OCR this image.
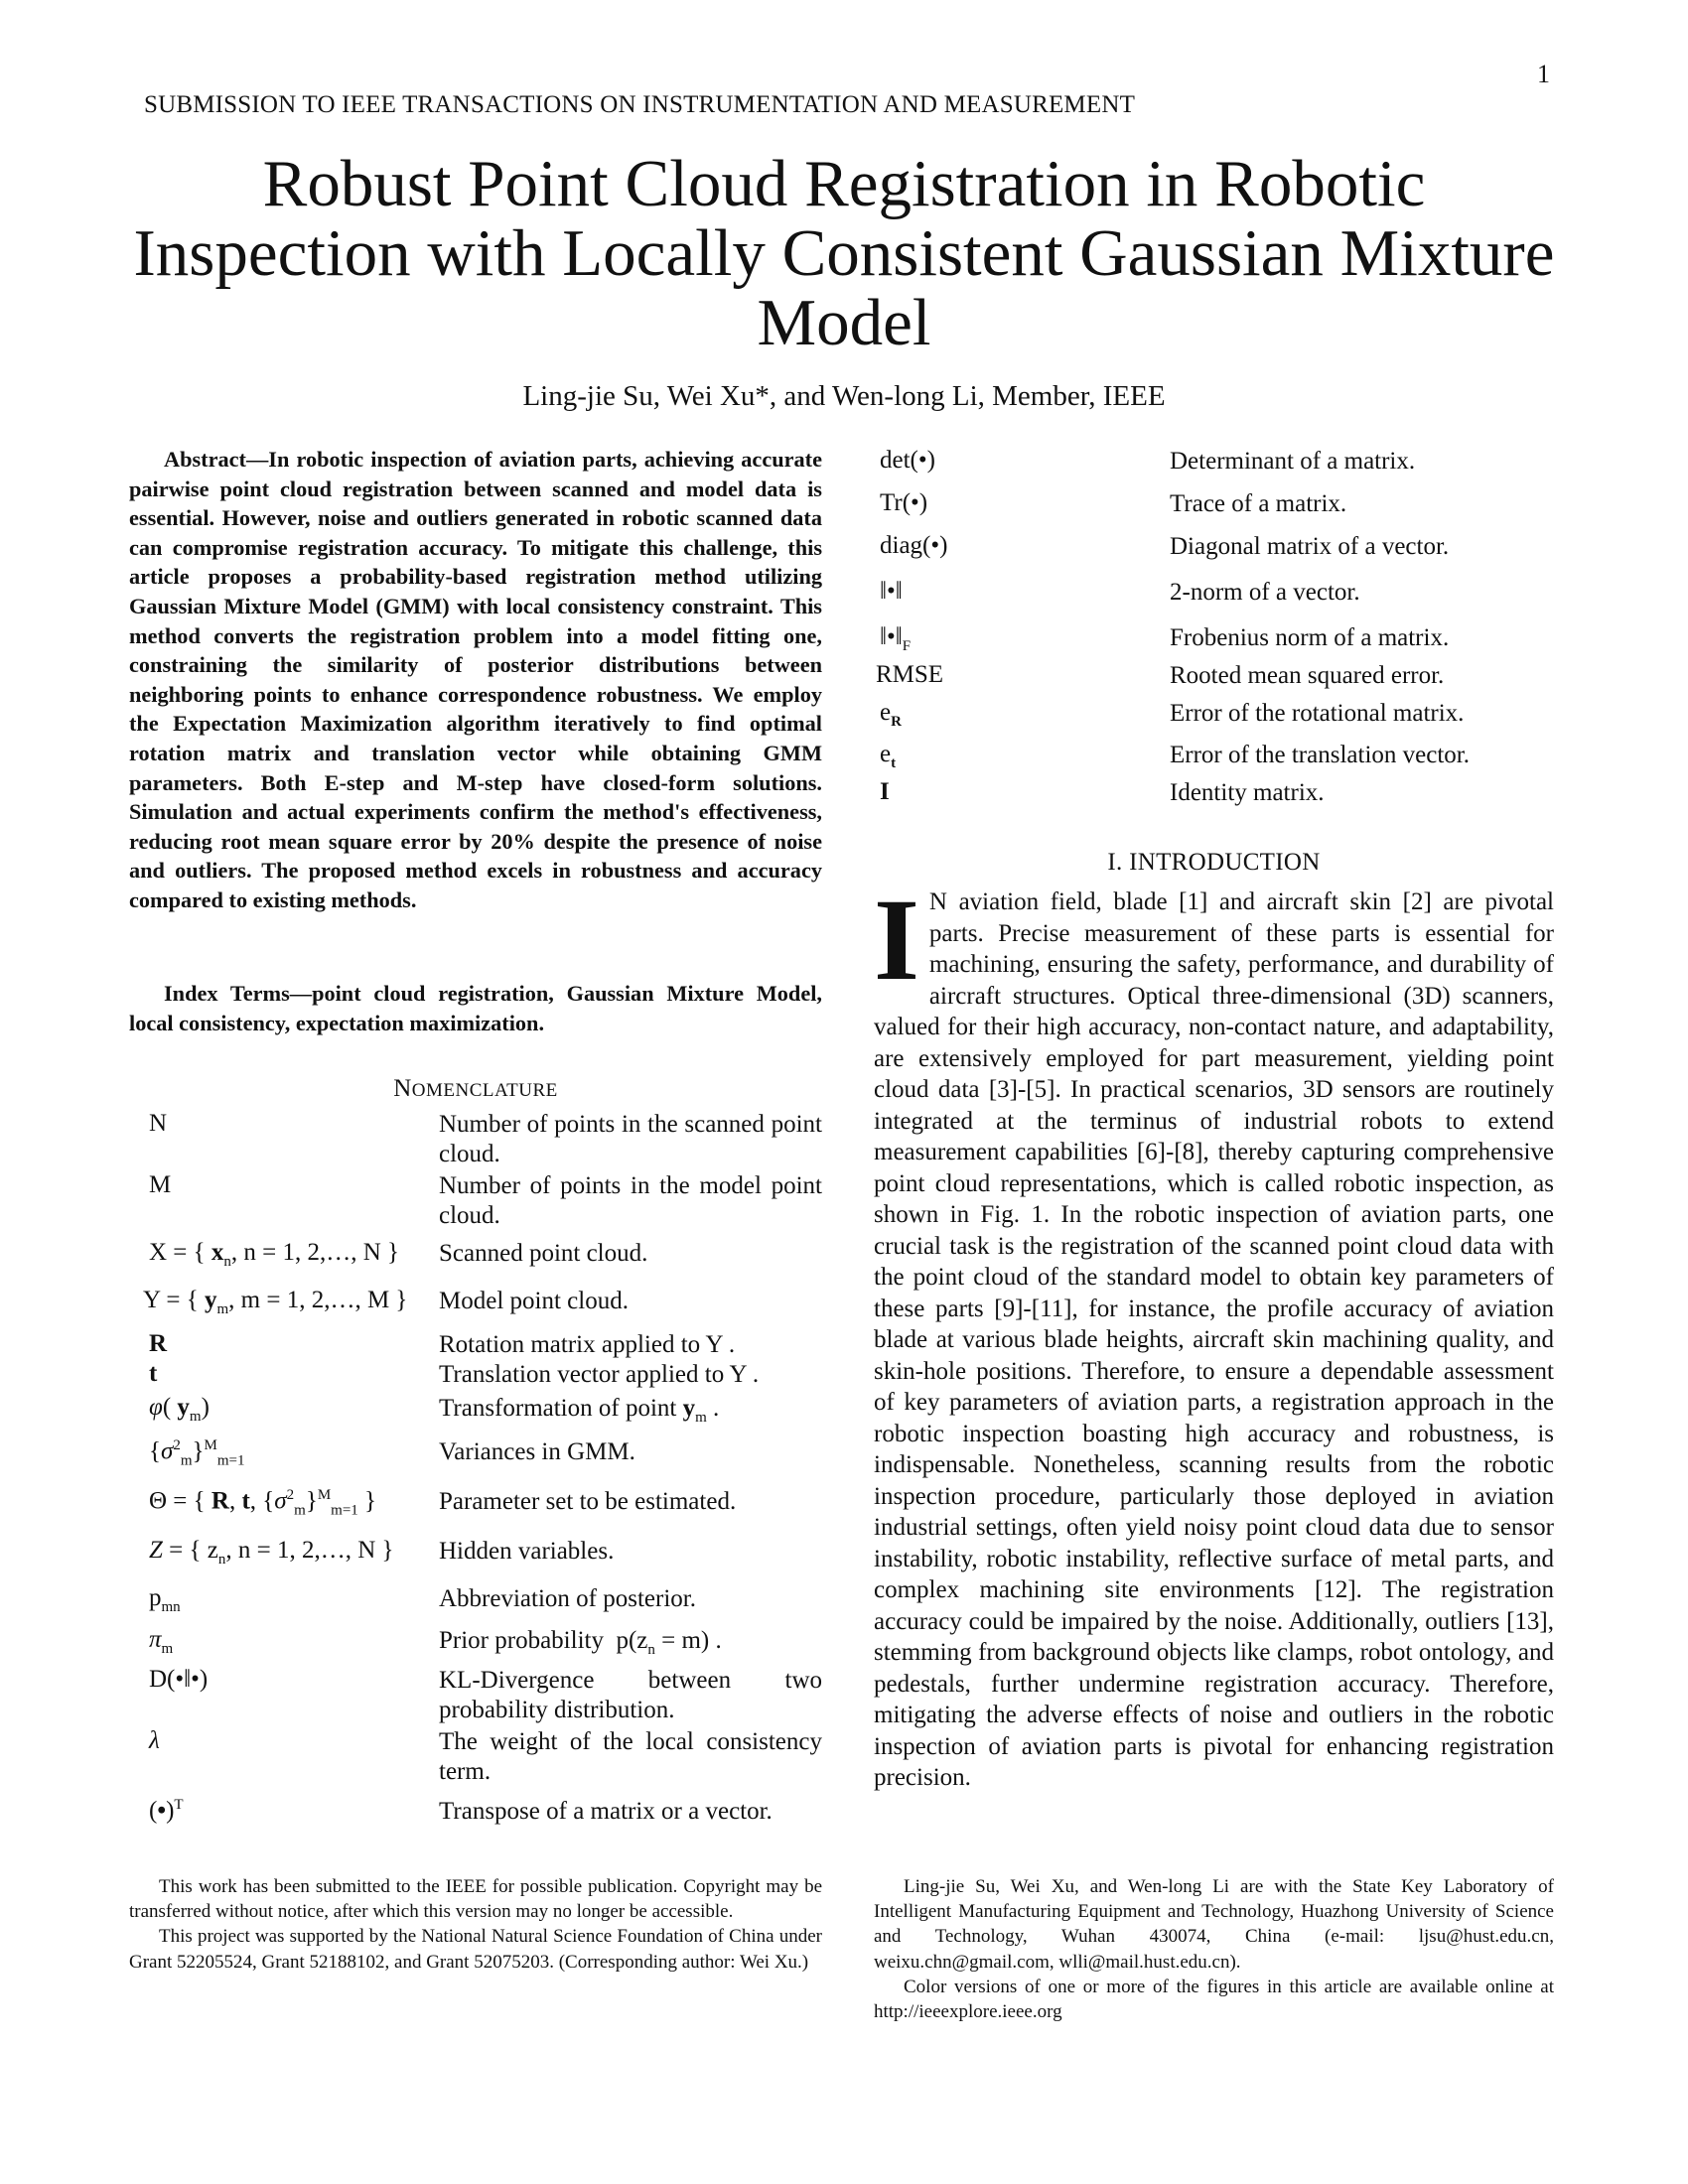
SUBMISSION TO IEEE TRANSACTIONS ON INSTRUMENTATION AND MEASUREMENT
1
Robust Point Cloud Registration in Robotic
Inspection with Locally Consistent Gaussian Mixture
Model
Ling-jie Su, Wei Xu*, and Wen-long Li, Member, IEEE
Abstract—In robotic inspection of aviation parts, achieving accurate pairwise point cloud registration between scanned and model data is essential. However, noise and outliers generated in robotic scanned data can compromise registration accuracy. To mitigate this challenge, this article proposes a probability-based registration method utilizing Gaussian Mixture Model (GMM) with local consistency constraint. This method converts the registration problem into a model fitting one, constraining the similarity of posterior distributions between neighboring points to enhance correspondence robustness. We employ the Expectation Maximization algorithm iteratively to find optimal rotation matrix and translation vector while obtaining GMM parameters. Both E-step and M-step have closed-form solutions. Simulation and actual experiments confirm the method's effectiveness, reducing root mean square error by 20% despite the presence of noise and outliers. The proposed method excels in robustness and accuracy compared to existing methods.
Index Terms—point cloud registration, Gaussian Mixture Model, local consistency, expectation maximization.
NOMENCLATURE
N	Number of points in the scanned point cloud.
M	Number of points in the model point cloud.
X = { $x_n$, n = 1, 2,…, N }	Scanned point cloud.
Y = { $y_m$, m = 1, 2,…, M }	Model point cloud.
R	Rotation matrix applied to Y .
t	Translation vector applied to Y .
φ( $y_m$)	Transformation of point $y_m$ .
$\{\sigma^2_m\}^M_{m=1}$	Variances in GMM.
Θ = { R, t, $\{\sigma^2_m\}^M_{m=1}$ }	Parameter set to be estimated.
Z = { $z_n$, n = 1, 2,…, N }	Hidden variables.
$p_{mn}$	Abbreviation of posterior.
$\pi_m$	Prior probability  $p(z_n = m)$ .
D(•‖•)	KL-Divergence between two probability distribution.
λ	The weight of the local consistency term.
(•)$^T$	Transpose of a matrix or a vector.
det(•)	Determinant of a matrix.
Tr(•)	Trace of a matrix.
diag(•)	Diagonal matrix of a vector.
‖•‖	2-norm of a vector.
$‖•‖_F$	Frobenius norm of a matrix.
RMSE	Rooted mean squared error.
$e_R$	Error of the rotational matrix.
$e_t$	Error of the translation vector.
I	Identity matrix.
I. INTRODUCTION
I N aviation field, blade [1] and aircraft skin [2] are pivotal parts. Precise measurement of these parts is essential for machining, ensuring the safety, performance, and durability of aircraft structures. Optical three-dimensional (3D) scanners, valued for their high accuracy, non-contact nature, and adaptability, are extensively employed for part measurement, yielding point cloud data [3]-[5]. In practical scenarios, 3D sensors are routinely integrated at the terminus of industrial robots to extend measurement capabilities [6]-[8], thereby capturing comprehensive point cloud representations, which is called robotic inspection, as shown in Fig. 1. In the robotic inspection of aviation parts, one crucial task is the registration of the scanned point cloud data with the point cloud of the standard model to obtain key parameters of these parts [9]-[11], for instance, the profile accuracy of aviation blade at various blade heights, aircraft skin machining quality, and skin-hole positions. Therefore, to ensure a dependable assessment of key parameters of aviation parts, a registration approach in the robotic inspection boasting high accuracy and robustness, is indispensable. Nonetheless, scanning results from the robotic inspection procedure, particularly those deployed in aviation industrial settings, often yield noisy point cloud data due to sensor instability, robotic instability, reflective surface of metal parts, and complex machining site environments [12]. The registration accuracy could be impaired by the noise. Additionally, outliers [13], stemming from background objects like clamps, robot ontology, and pedestals, further undermine registration accuracy. Therefore, mitigating the adverse effects of noise and outliers in the robotic inspection of aviation parts is pivotal for enhancing registration precision.

This work has been submitted to the IEEE for possible publication. Copyright may be transferred without notice, after which this version may no longer be accessible.

This project was supported by the National Natural Science Foundation of China under Grant 52205524, Grant 52188102, and Grant 52075203. (Corresponding author: Wei Xu.)

Ling-jie Su, Wei Xu, and Wen-long Li are with the State Key Laboratory of Intelligent Manufacturing Equipment and Technology, Huazhong University of Science and Technology, Wuhan 430074, China (e-mail: ljsu@hust.edu.cn, weixu.chn@gmail.com, wlli@mail.hust.edu.cn).

Color versions of one or more of the figures in this article are available online at http://ieeexplore.ieee.org
